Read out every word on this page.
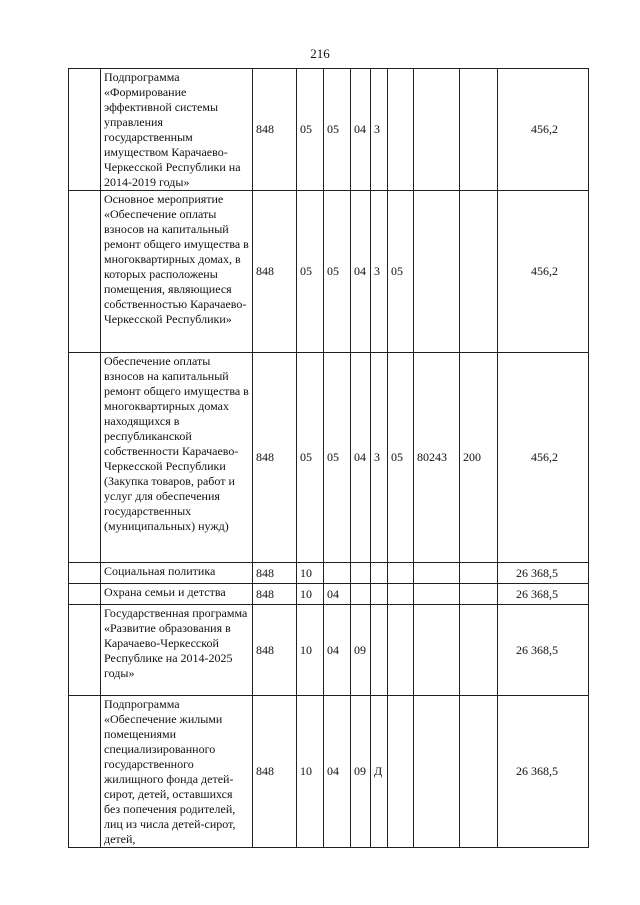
216
	Подпрограмма «Формирование эффективной системы управления государственным имуществом Карачаево-Черкесской Республики на 2014-2019 годы»	848	05	05	04	3				456,2
	Основное мероприятие «Обеспечение оплаты взносов на капитальный ремонт общего имущества в многоквартирных домах, в которых расположены помещения, являющиеся собственностью Карачаево-Черкесской Республики»	848	05	05	04	3	05			456,2
	Обеспечение оплаты взносов на капитальный ремонт общего имущества в многоквартирных домах находящихся в республиканской собственности Карачаево-Черкесской Республики (Закупка товаров, работ и услуг для обеспечения государственных (муниципальных) нужд)	848	05	05	04	3	05	80243	200	456,2
	Социальная политика	848	10							26 368,5
	Охрана семьи и детства	848	10	04						26 368,5
	Государственная программа «Развитие образования в Карачаево-Черкесской Республике на 2014-2025 годы»	848	10	04	09					26 368,5
	Подпрограмма «Обеспечение жилыми помещениями специализированного государственного жилищного фонда детей-сирот, детей, оставшихся без попечения родителей, лиц из числа детей-сирот, детей,	848	10	04	09	Д				26 368,5
